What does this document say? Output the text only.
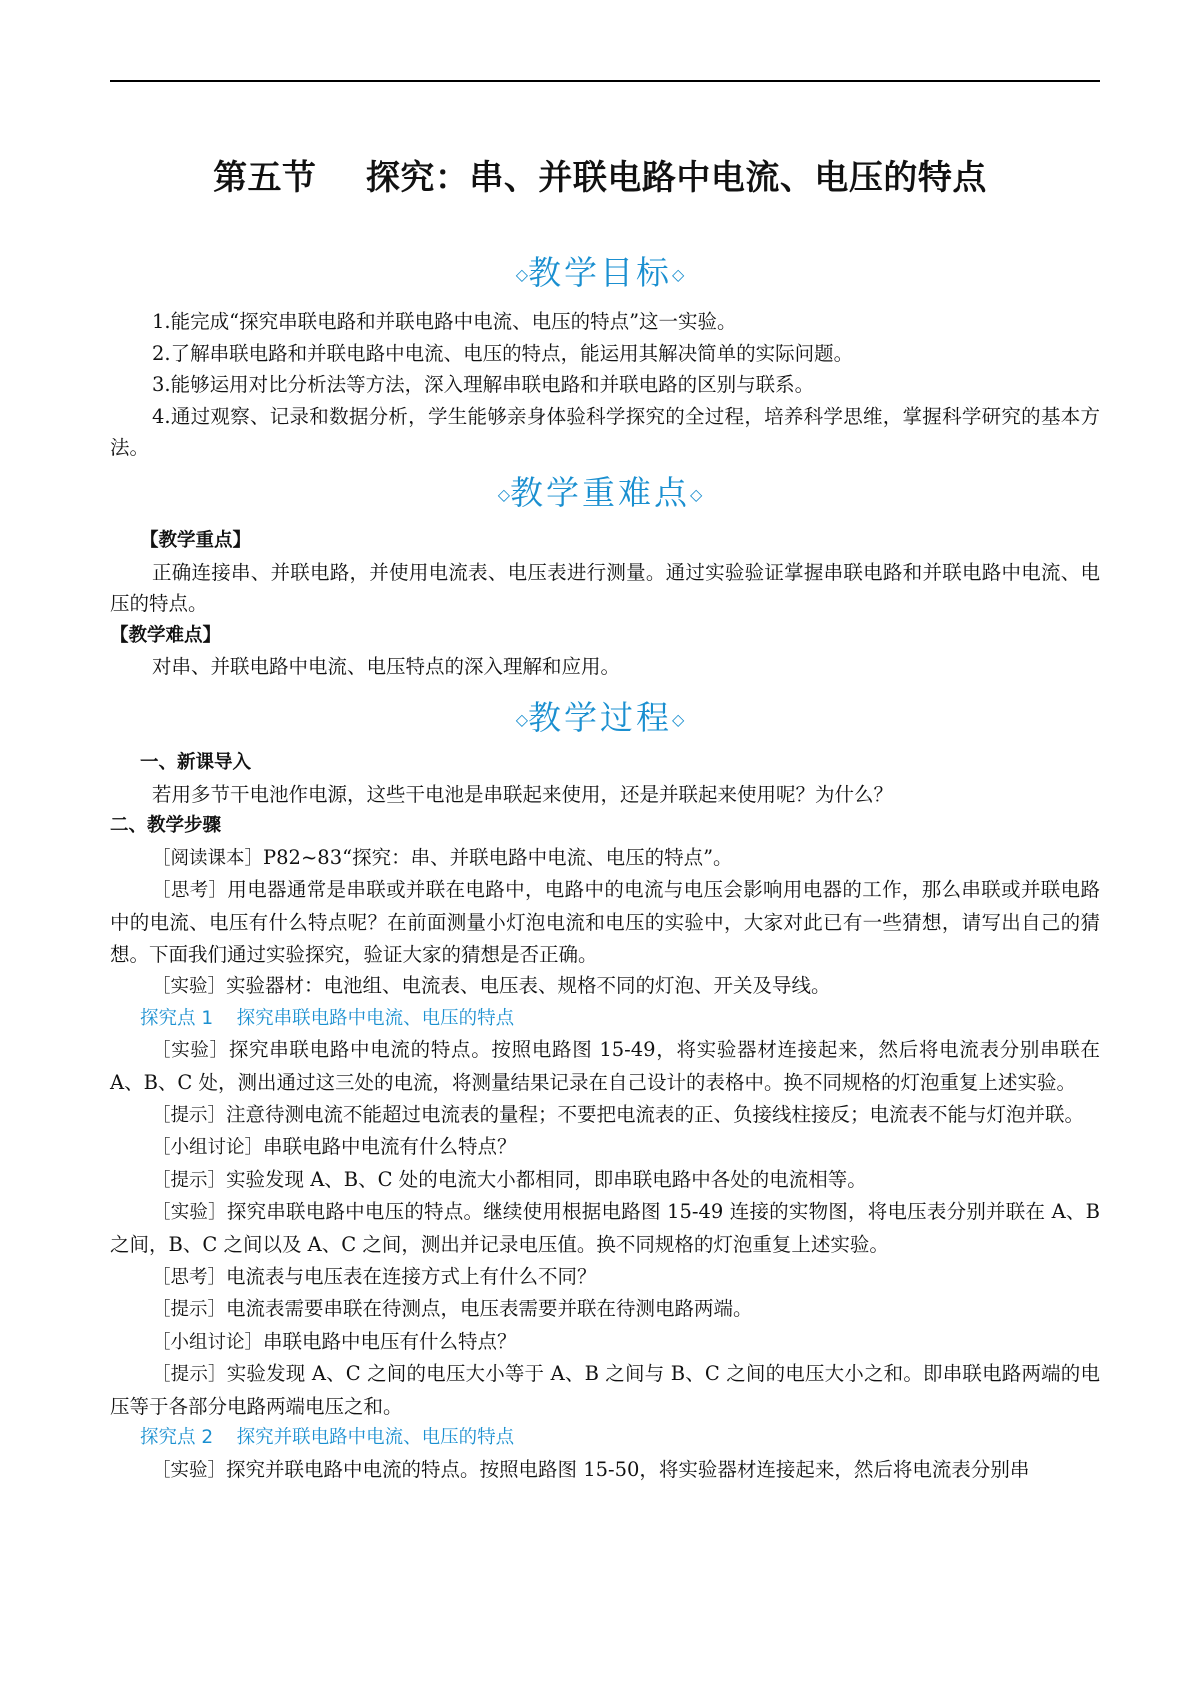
第五节    探究：串、并联电路中电流、电压的特点
◇教学目标◇

1.能完成“探究串联电路和并联电路中电流、电压的特点”这一实验。

2.了解串联电路和并联电路中电流、电压的特点，能运用其解决简单的实际问题。

3.能够运用对比分析法等方法，深入理解串联电路和并联电路的区别与联系。

4.通过观察、记录和数据分析，学生能够亲身体验科学探究的全过程，培养科学思维，掌握科学研究的基本方法。

◇教学重难点◇

【教学重点】

正确连接串、并联电路，并使用电流表、电压表进行测量。通过实验验证掌握串联电路和并联电路中电流、电压的特点。

【教学难点】

对串、并联电路中电流、电压特点的深入理解和应用。

◇教学过程◇

一、新课导入

若用多节干电池作电源，这些干电池是串联起来使用，还是并联起来使用呢？为什么？

二、教学步骤

［阅读课本］P82~83“探究：串、并联电路中电流、电压的特点”。

［思考］用电器通常是串联或并联在电路中，电路中的电流与电压会影响用电器的工作，那么串联或并联电路中的电流、电压有什么特点呢？在前面测量小灯泡电流和电压的实验中，大家对此已有一些猜想，请写出自己的猜想。下面我们通过实验探究，验证大家的猜想是否正确。

［实验］实验器材：电池组、电流表、电压表、规格不同的灯泡、开关及导线。

探究点 1    探究串联电路中电流、电压的特点

［实验］探究串联电路中电流的特点。按照电路图 15-49，将实验器材连接起来，然后将电流表分别串联在 A、B、C 处，测出通过这三处的电流，将测量结果记录在自己设计的表格中。换不同规格的灯泡重复上述实验。

［提示］注意待测电流不能超过电流表的量程；不要把电流表的正、负接线柱接反；电流表不能与灯泡并联。

［小组讨论］串联电路中电流有什么特点？

［提示］实验发现 A、B、C 处的电流大小都相同，即串联电路中各处的电流相等。

［实验］探究串联电路中电压的特点。继续使用根据电路图 15-49 连接的实物图，将电压表分别并联在 A、B 之间，B、C 之间以及 A、C 之间，测出并记录电压值。换不同规格的灯泡重复上述实验。

［思考］电流表与电压表在连接方式上有什么不同？

［提示］电流表需要串联在待测点，电压表需要并联在待测电路两端。

［小组讨论］串联电路中电压有什么特点？

［提示］实验发现 A、C 之间的电压大小等于 A、B 之间与 B、C 之间的电压大小之和。即串联电路两端的电压等于各部分电路两端电压之和。

探究点 2    探究并联电路中电流、电压的特点

［实验］探究并联电路中电流的特点。按照电路图 15-50，将实验器材连接起来，然后将电流表分别串
